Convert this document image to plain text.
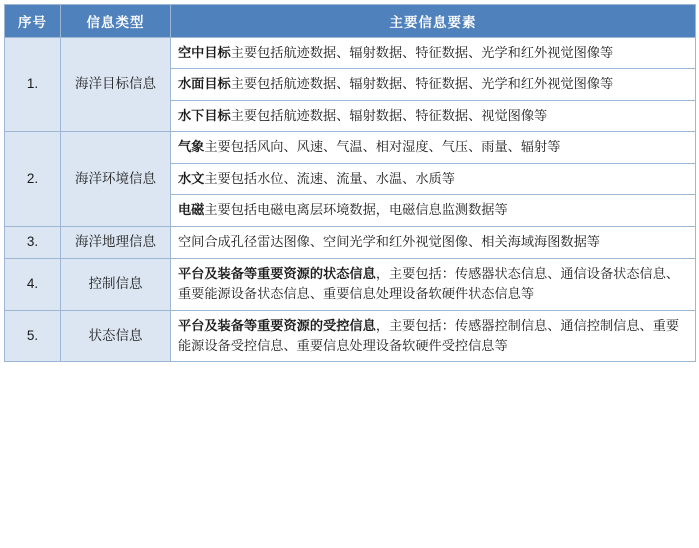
序号	信息类型	主要信息要素
1.	海洋目标信息	空中目标主要包括航迹数据、辐射数据、特征数据、光学和红外视觉图像等
		水面目标主要包括航迹数据、辐射数据、特征数据、光学和红外视觉图像等
		水下目标主要包括航迹数据、辐射数据、特征数据、视觉图像等
2.	海洋环境信息	气象主要包括风向、风速、气温、相对湿度、气压、雨量、辐射等
		水文主要包括水位、流速、流量、水温、水质等
		电磁主要包括电磁电离层环境数据，电磁信息监测数据等
3.	海洋地理信息	空间合成孔径雷达图像、空间光学和红外视觉图像、相关海域海图数据等
4.	控制信息	平台及装备等重要资源的状态信息，主要包括：传感器状态信息、通信设备状态信息、重要能源设备状态信息、重要信息处理设备软硬件状态信息等
5.	状态信息	平台及装备等重要资源的受控信息，主要包括：传感器控制信息、通信控制信息、重要能源设备受控信息、重要信息处理设备软硬件受控信息等
